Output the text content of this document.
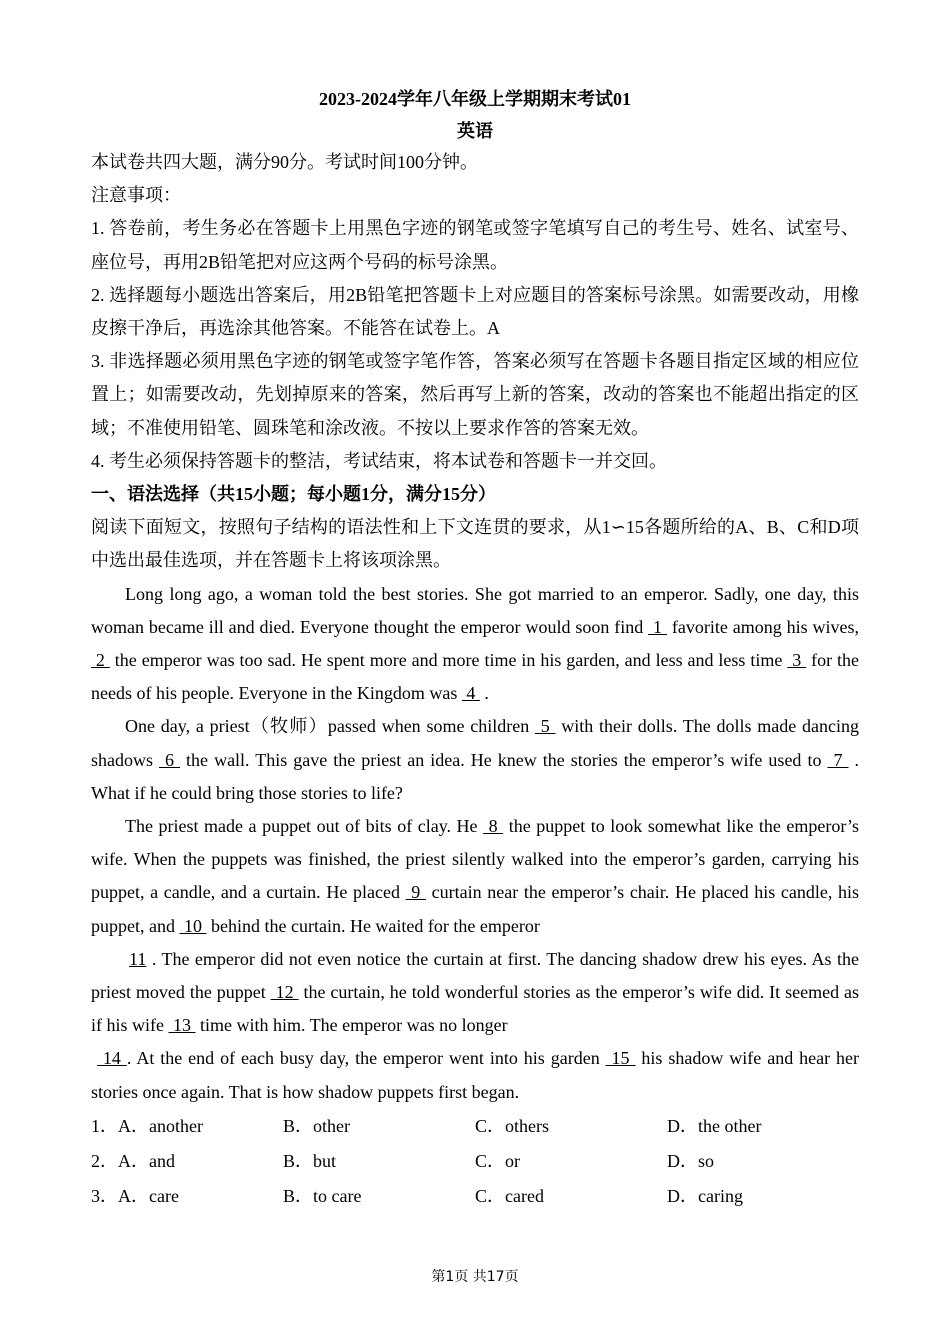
2023-2024学年八年级上学期期末考试01
英语
本试卷共四大题，满分90分。考试时间100分钟。
注意事项：
1. 答卷前，考生务必在答题卡上用黑色字迹的钢笔或签字笔填写自己的考生号、姓名、试室号、座位号，再用2B铅笔把对应这两个号码的标号涂黑。
2. 选择题每小题选出答案后，用2B铅笔把答题卡上对应题目的答案标号涂黑。如需要改动，用橡皮擦干净后，再选涂其他答案。不能答在试卷上。A
3. 非选择题必须用黑色字迹的钢笔或签字笔作答，答案必须写在答题卡各题目指定区域的相应位置上；如需要改动，先划掉原来的答案，然后再写上新的答案，改动的答案也不能超出指定的区域；不准使用铅笔、圆珠笔和涂改液。不按以上要求作答的答案无效。
4. 考生必须保持答题卡的整洁，考试结束，将本试卷和答题卡一并交回。
一、语法选择（共15小题；每小题1分，满分15分）
阅读下面短文，按照句子结构的语法性和上下文连贯的要求，从1∽15各题所给的A、B、C和D项中选出最佳选项，并在答题卡上将该项涂黑。

Long long ago, a woman told the best stories. She got married to an emperor. Sadly, one day, this woman became ill and died. Everyone thought the emperor would soon find  1  favorite among his wives,  2  the emperor was too sad. He spent more and more time in his garden, and less and less time  3  for the needs of his people. Everyone in the Kingdom was  4  .

One day, a priest（牧师）passed when some children  5  with their dolls. The dolls made dancing shadows  6  the wall. This gave the priest an idea. He knew the stories the emperor’s wife used to  7  . What if he could bring those stories to life?

The priest made a puppet out of bits of clay. He  8  the puppet to look somewhat like the emperor’s wife. When the puppets was finished, the priest silently walked into the emperor’s garden, carrying his puppet, a candle, and a curtain. He placed  9  curtain near the emperor’s chair. He placed his candle, his puppet, and  10  behind the curtain. He waited for the emperor

11 . The emperor did not even notice the curtain at first. The dancing shadow drew his eyes. As the priest moved the puppet  12  the curtain, he told wonderful stories as the emperor’s wife did. It seemed as if his wife  13  time with him. The emperor was no longer

14 . At the end of each busy day, the emperor went into his garden  15  his shadow wife and hear her stories once again. That is how shadow puppets first began.

1．A．another	B．other	C．others	D．the other
2．A．and	B．but	C．or	D．so
3．A．care	B．to care	C．cared	D．caring
第1页 共17页
